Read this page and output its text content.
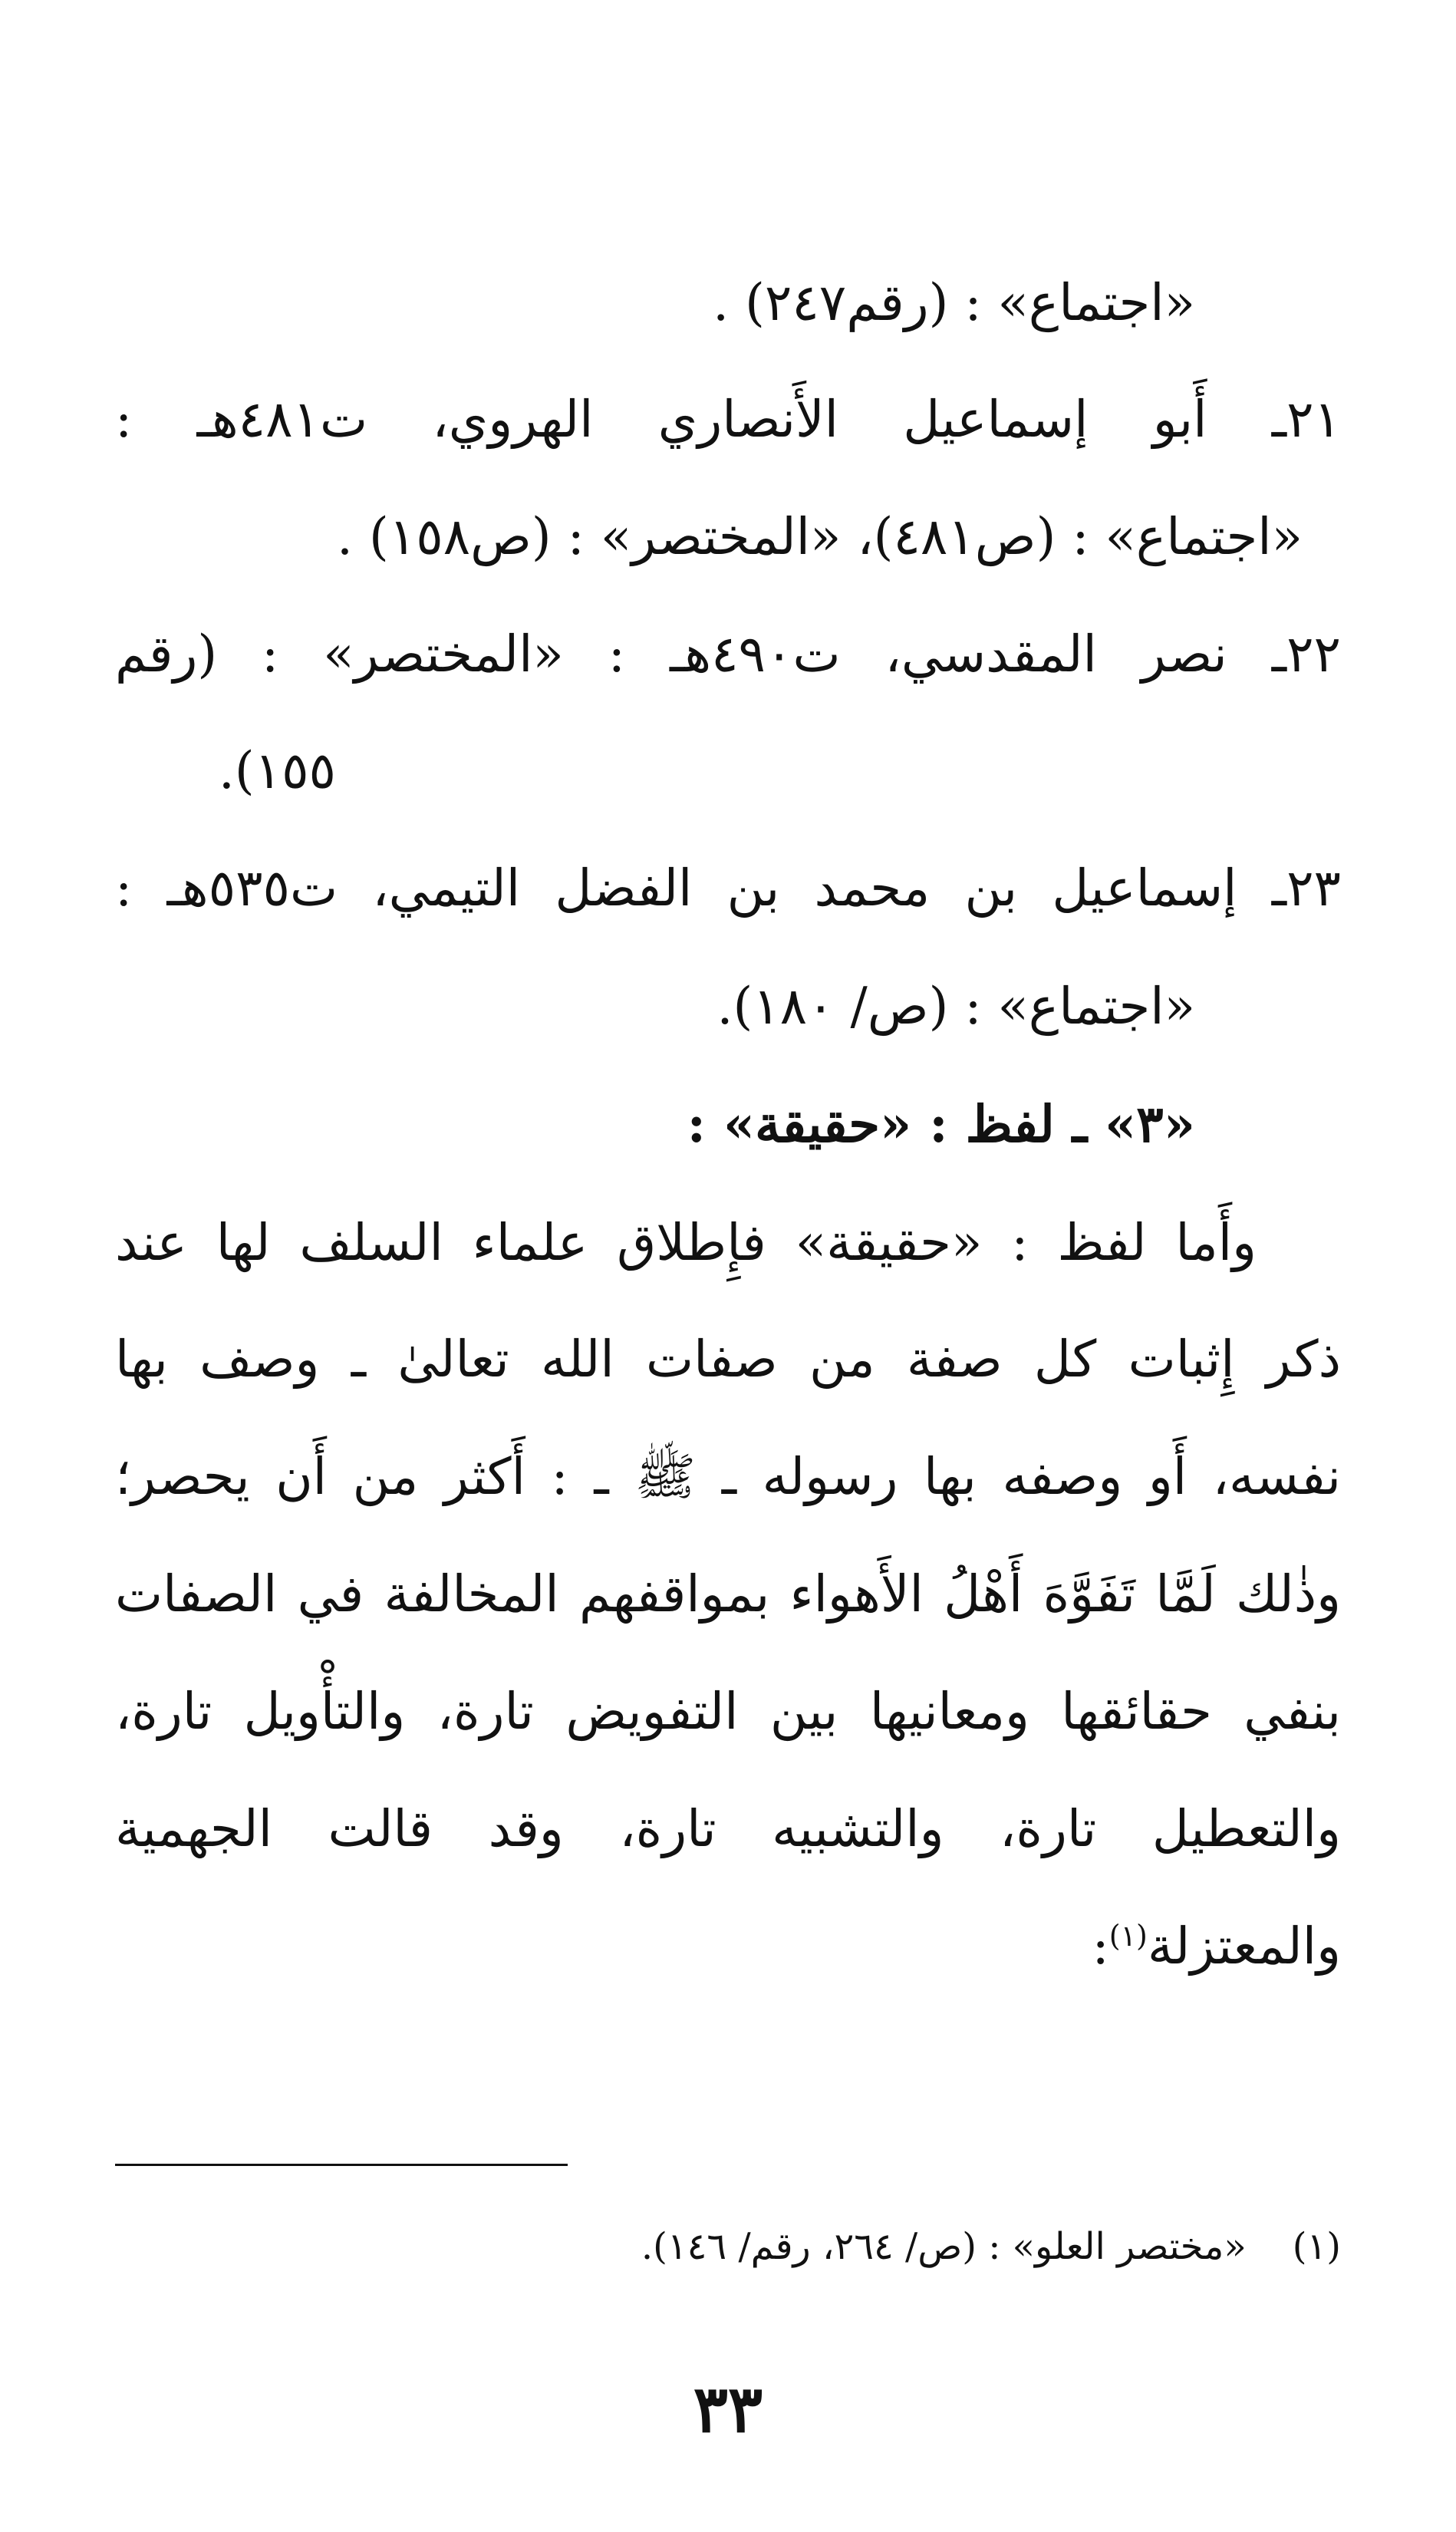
«اجتماع» : (رقم٢٤٧) .
٢١ـ أَبو إسماعيل الأَنصاري الهروي، ت٤٨١هـ :
«اجتماع» : (ص٤٨١)، «المختصر» : (ص١٥٨) .
٢٢ـ نصر المقدسي، ت٤٩٠هـ : «المختصر» : (رقم
١٥٥).
٢٣ـ إسماعيل بن محمد بن الفضل التيمي، ت٥٣٥هـ :
«اجتماع» : (ص/ ١٨٠).
«٣» ـ لفظ : «حقيقة» :
وأَما لفظ : «حقيقة» فإِطلاق علماء السلف لها عند
ذكر إِثبات كل صفة من صفات الله تعالىٰ ـ وصف بها
نفسه، أَو وصفه بها رسوله ـ ﷺ ـ : أَكثر من أَن يحصر؛
وذٰلك لَمَّا تَفَوَّهَ أَهْلُ الأَهواء بمواقفهم المخالفة في الصفات
بنفي حقائقها ومعانيها بين التفويض تارة، والتأْويل تارة،
والتعطيل تارة، والتشبيه تارة، وقد قالت الجهمية
والمعتزلة$^{(١)}$:
(١)«مختصر العلو» : (ص/ ٢٦٤، رقم/ ١٤٦).
٣٣
